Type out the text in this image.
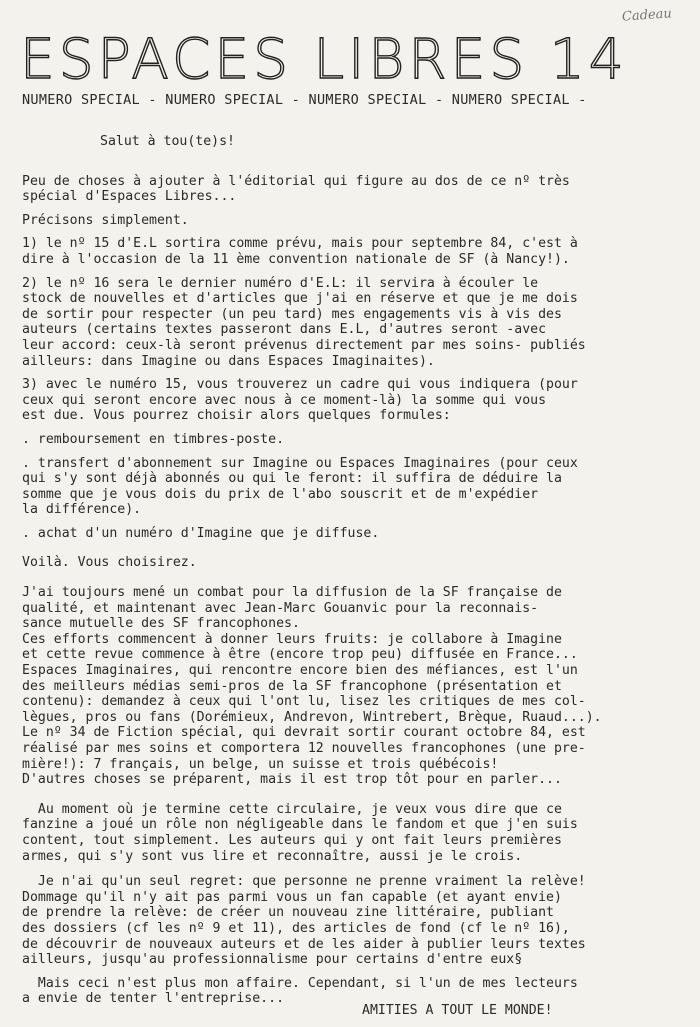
Cadeau
ESPACES LIBRES 14
NUMERO SPECIAL - NUMERO SPECIAL - NUMERO SPECIAL - NUMERO SPECIAL -

Salut à tou(te)s!

Peu de choses à ajouter à l'éditorial qui figure au dos de ce nº très
spécial d'Espaces Libres...

Précisons simplement.

1) le nº 15 d'E.L sortira comme prévu, mais pour septembre 84, c'est à
dire à l'occasion de la 11 ème convention nationale de SF (à Nancy!).

2) le nº 16 sera le dernier numéro d'E.L: il servira à écouler le
stock de nouvelles et d'articles que j'ai en réserve et que je me dois
de sortir pour respecter (un peu tard) mes engagements vis à vis des
auteurs (certains textes passeront dans E.L, d'autres seront -avec
leur accord: ceux-là seront prévenus directement par mes soins- publiés
ailleurs: dans Imagine ou dans Espaces Imaginaites).

3) avec le numéro 15, vous trouverez un cadre qui vous indiquera (pour
ceux qui seront encore avec nous à ce moment-là) la somme qui vous
est due. Vous pourrez choisir alors quelques formules:

. remboursement en timbres-poste.

. transfert d'abonnement sur Imagine ou Espaces Imaginaires (pour ceux
qui s'y sont déjà abonnés ou qui le feront: il suffira de déduire la
somme que je vous dois du prix de l'abo souscrit et de m'expédier
la différence).

. achat d'un numéro d'Imagine que je diffuse.

Voilà. Vous choisirez.

J'ai toujours mené un combat pour la diffusion de la SF française de
qualité, et maintenant avec Jean-Marc Gouanvic pour la reconnais-
sance mutuelle des SF francophones.
Ces efforts commencent à donner leurs fruits: je collabore à Imagine
et cette revue commence à être (encore trop peu) diffusée en France...
Espaces Imaginaires, qui rencontre encore bien des méfiances, est l'un
des meilleurs médias semi-pros de la SF francophone (présentation et
contenu): demandez à ceux qui l'ont lu, lisez les critiques de mes col-
lègues, pros ou fans (Dorémieux, Andrevon, Wintrebert, Brèque, Ruaud...).
Le nº 34 de Fiction spécial, qui devrait sortir courant octobre 84, est
réalisé par mes soins et comportera 12 nouvelles francophones (une pre-
mière!): 7 français, un belge, un suisse et trois québécois!
D'autres choses se préparent, mais il est trop tôt pour en parler...

Au moment où je termine cette circulaire, je veux vous dire que ce
fanzine a joué un rôle non négligeable dans le fandom et que j'en suis
content, tout simplement. Les auteurs qui y ont fait leurs premières
armes, qui s'y sont vus lire et reconnaître, aussi je le crois.

Je n'ai qu'un seul regret: que personne ne prenne vraiment la relève!
Dommage qu'il n'y ait pas parmi vous un fan capable (et ayant envie)
de prendre la relève: de créer un nouveau zine littéraire, publiant
des dossiers (cf les nº 9 et 11), des articles de fond (cf le nº 16),
de découvrir de nouveaux auteurs et de les aider à publier leurs textes
ailleurs, jusqu'au professionnalisme pour certains d'entre eux§

Mais ceci n'est plus mon affaire. Cependant, si l'un de mes lecteurs
a envie de tenter l'entreprise...

AMITIES A TOUT LE MONDE!
